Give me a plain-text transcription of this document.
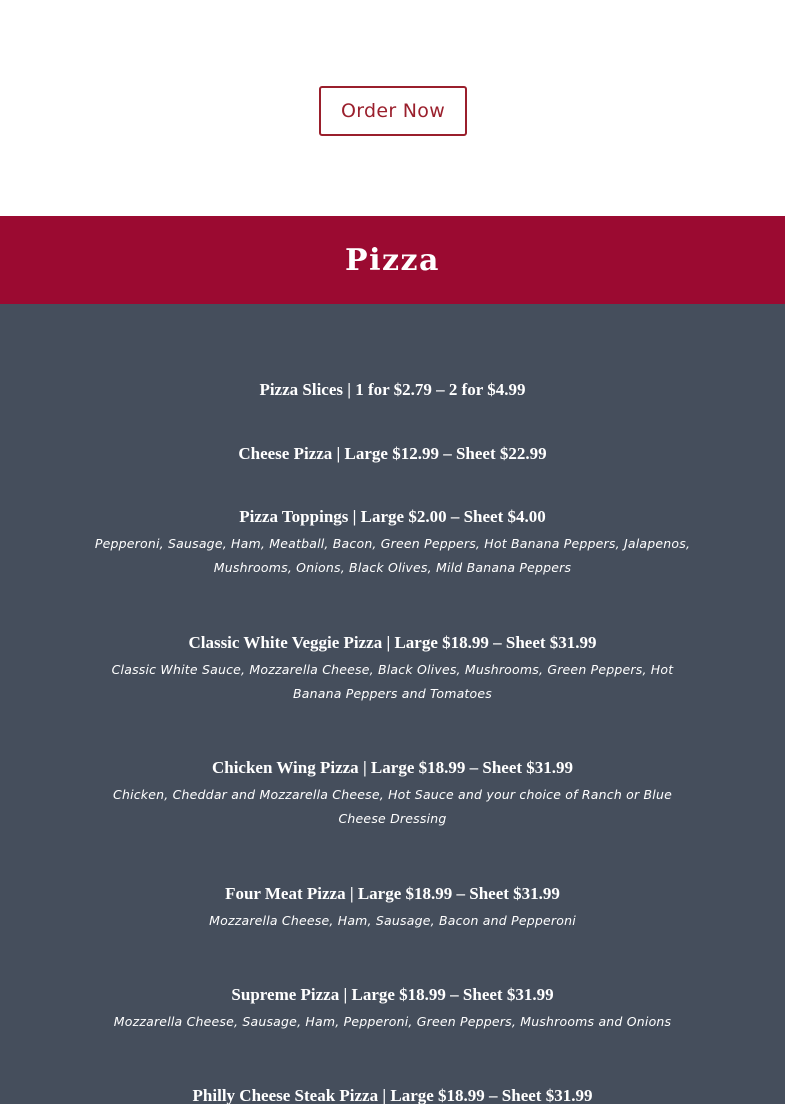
Order Now
Pizza
Pizza Slices | 1 for $2.79 – 2 for $4.99
Cheese Pizza | Large $12.99 – Sheet $22.99
Pizza Toppings | Large $2.00 – Sheet $4.00
Pepperoni, Sausage, Ham, Meatball, Bacon, Green Peppers, Hot Banana Peppers, Jalapenos, Mushrooms, Onions, Black Olives, Mild Banana Peppers
Classic White Veggie Pizza | Large $18.99 – Sheet $31.99
Classic White Sauce, Mozzarella Cheese, Black Olives, Mushrooms, Green Peppers, Hot Banana Peppers and Tomatoes
Chicken Wing Pizza | Large $18.99 – Sheet $31.99
Chicken, Cheddar and Mozzarella Cheese, Hot Sauce and your choice of Ranch or Blue Cheese Dressing
Four Meat Pizza | Large $18.99 – Sheet $31.99
Mozzarella Cheese, Ham, Sausage, Bacon and Pepperoni
Supreme Pizza | Large $18.99 – Sheet $31.99
Mozzarella Cheese, Sausage, Ham, Pepperoni, Green Peppers, Mushrooms and Onions
Philly Cheese Steak Pizza | Large $18.99 – Sheet $31.99
